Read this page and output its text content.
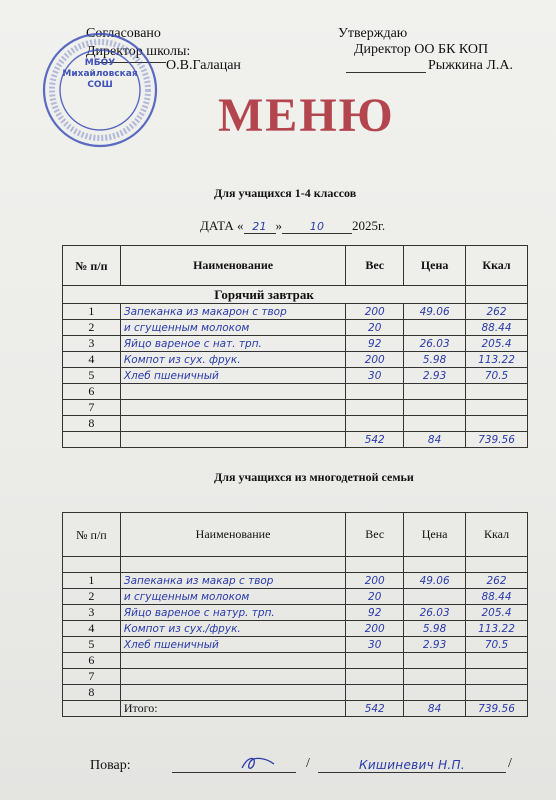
Согласовано
Директор школы:
О.В.Галацан
Утверждаю
Директор ОО БК КОП
Рыжкина Л.А.
МБОУ
Михайловская
СОШ
МЕНЮ
Для учащихся 1-4 классов
ДАТА « 21 »	10 2025г.
№ п/п	Наименование	Вес	Цена	Ккал
Горячий завтрак				
1	Запеканка из макарон с твор	200	49.06	262
2	и сгущенным молоком	20		88.44
3	Яйцо вареное с нат. трп.	92	26.03	205.4
4	Компот из сух. фрук.	200	5.98	113.22
5	Хлеб пшеничный	30	2.93	70.5
6				
7				
8				
		542	84	739.56
Для учащихся из многодетной семьи
№ п/п	Наименование	Вес	Цена	Ккал

1	Запеканка из макар с твор	200	49.06	262
2	и сгущенным молоком	20		88.44
3	Яйцо вареное с натур. трп.	92	26.03	205.4
4	Компот из сух./фрук.	200	5.98	113.22
5	Хлеб пшеничный	30	2.93	70.5
6				
7				
8				
	Итого:	542	84	739.56
Повар:	/	Кишиневич Н.П.	/
